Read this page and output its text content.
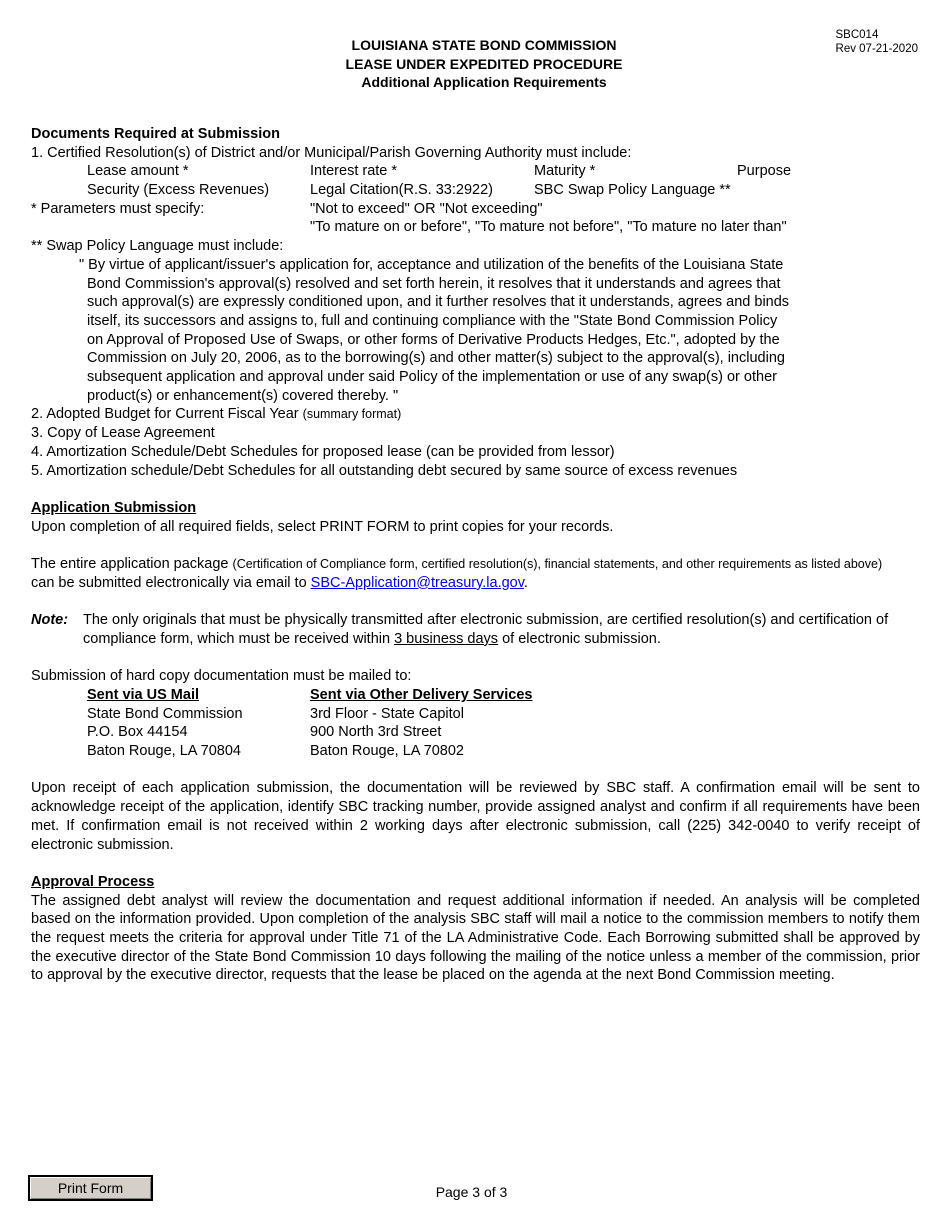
SBC014
Rev 07-21-2020
LOUISIANA STATE BOND COMMISSION
LEASE UNDER EXPEDITED PROCEDURE
Additional Application Requirements
Documents Required at Submission
1. Certified Resolution(s) of District and/or Municipal/Parish Governing Authority must include:
Lease amount *	Interest rate *	Maturity *	Purpose
Security (Excess Revenues)	Legal Citation(R.S. 33:2922)	SBC Swap Policy Language **
* Parameters must specify:	"Not to exceed" OR "Not exceeding"
"To mature on or before", "To mature not before", "To mature no later than"
** Swap Policy Language must include:
" By virtue of applicant/issuer's application for, acceptance and utilization of the benefits of the Louisiana State Bond Commission's approval(s) resolved and set forth herein, it resolves that it understands and agrees that such approval(s) are expressly conditioned upon, and it further resolves that it understands, agrees and binds itself, its successors and assigns to, full and continuing compliance with the "State Bond Commission Policy on Approval of Proposed Use of Swaps, or other forms of Derivative Products Hedges, Etc.", adopted by the Commission on July 20, 2006, as to the borrowing(s) and other matter(s) subject to the approval(s), including subsequent application and approval under said Policy of the implementation or use of any swap(s) or other product(s) or enhancement(s) covered thereby. "
2. Adopted Budget for Current Fiscal Year (summary format)
3. Copy of Lease Agreement
4. Amortization Schedule/Debt Schedules for proposed lease (can be provided from lessor)
5. Amortization schedule/Debt Schedules for all outstanding debt secured by same source of excess revenues
Application Submission
Upon completion of all required fields, select PRINT FORM to print copies for your records.
The entire application package (Certification of Compliance form, certified resolution(s), financial statements, and other requirements as listed above)
can be submitted electronically via email to SBC-Application@treasury.la.gov.
Note: The only originals that must be physically transmitted after electronic submission, are certified resolution(s) and certification of compliance form, which must be received within 3 business days of electronic submission.
Submission of hard copy documentation must be mailed to:
Sent via US Mail	Sent via Other Delivery Services
State Bond Commission	3rd Floor - State Capitol
P.O. Box 44154	900 North 3rd Street
Baton Rouge, LA 70804	Baton Rouge, LA 70802
Upon receipt of each application submission, the documentation will be reviewed by SBC staff. A confirmation email will be sent to acknowledge receipt of the application, identify SBC tracking number, provide assigned analyst and confirm if all requirements have been met. If confirmation email is not received within 2 working days after electronic submission, call (225) 342-0040 to verify receipt of electronic submission.
Approval Process
The assigned debt analyst will review the documentation and request additional information if needed. An analysis will be completed based on the information provided. Upon completion of the analysis SBC staff will mail a notice to the commission members to notify them the request meets the criteria for approval under Title 71 of the LA Administrative Code. Each Borrowing submitted shall be approved by the executive director of the State Bond Commission 10 days following the mailing of the notice unless a member of the commission, prior to approval by the executive director, requests that the lease be placed on the agenda at the next Bond Commission meeting.
Print Form	Page 3 of 3
